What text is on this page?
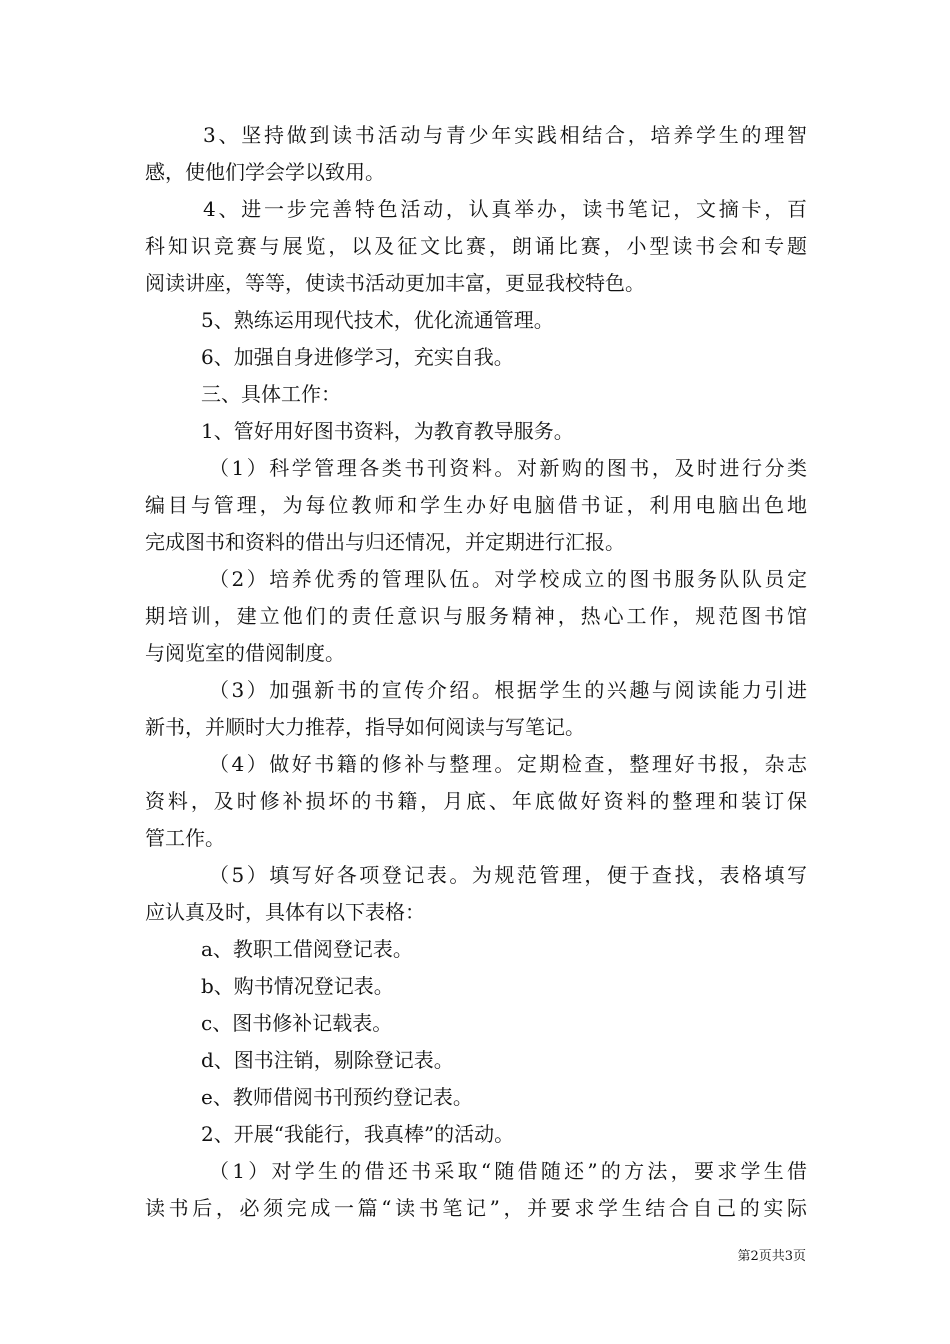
3、坚持做到读书活动与青少年实践相结合，培养学生的理智
感，使他们学会学以致用。
4、进一步完善特色活动，认真举办，读书笔记，文摘卡，百
科知识竞赛与展览，以及征文比赛，朗诵比赛，小型读书会和专题
阅读讲座，等等，使读书活动更加丰富，更显我校特色。
5、熟练运用现代技术，优化流通管理。
6、加强自身进修学习，充实自我。
三、具体工作：
1、管好用好图书资料，为教育教导服务。
（1）科学管理各类书刊资料。对新购的图书，及时进行分类
编目与管理，为每位教师和学生办好电脑借书证，利用电脑出色地
完成图书和资料的借出与归还情况，并定期进行汇报。
（2）培养优秀的管理队伍。对学校成立的图书服务队队员定
期培训，建立他们的责任意识与服务精神，热心工作，规范图书馆
与阅览室的借阅制度。
（3）加强新书的宣传介绍。根据学生的兴趣与阅读能力引进
新书，并顺时大力推荐，指导如何阅读与写笔记。
（4）做好书籍的修补与整理。定期检查，整理好书报，杂志
资料，及时修补损坏的书籍，月底、年底做好资料的整理和装订保
管工作。
（5）填写好各项登记表。为规范管理，便于查找，表格填写
应认真及时，具体有以下表格：
a、教职工借阅登记表。
b、购书情况登记表。
c、图书修补记载表。
d、图书注销，剔除登记表。
e、教师借阅书刊预约登记表。
2、开展“我能行，我真棒”的活动。
（1）对学生的借还书采取“随借随还”的方法，要求学生借
读书后，必须完成一篇“读书笔记”，并要求学生结合自己的实际
第2页共3页
